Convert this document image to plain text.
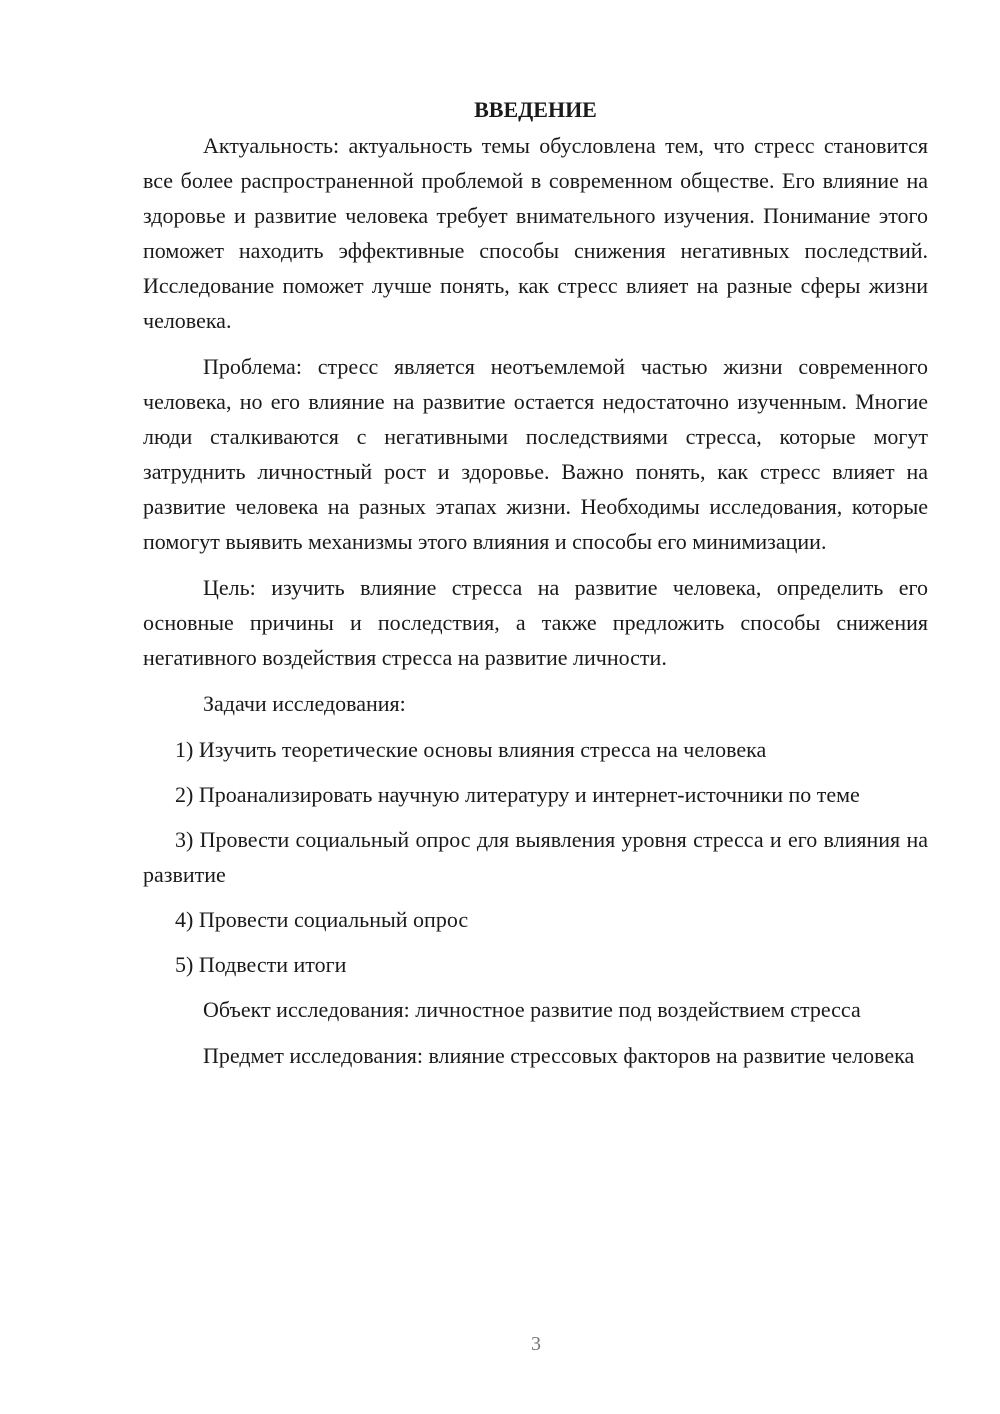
ВВЕДЕНИЕ

Актуальность: актуальность темы обусловлена тем, что стресс становится все более распространенной проблемой в современном обществе. Его влияние на здоровье и развитие человека требует внимательного изучения. Понимание этого поможет находить эффективные способы снижения негативных последствий. Исследование поможет лучше понять, как стресс влияет на разные сферы жизни человека.

Проблема: стресс является неотъемлемой частью жизни современного человека, но его влияние на развитие остается недостаточно изученным. Многие люди сталкиваются с негативными последствиями стресса, которые могут затруднить личностный рост и здоровье. Важно понять, как стресс влияет на развитие человека на разных этапах жизни. Необходимы исследования, которые помогут выявить механизмы этого влияния и способы его минимизации.

Цель: изучить влияние стресса на развитие человека, определить его основные причины и последствия, а также предложить способы снижения негативного воздействия стресса на развитие личности.

Задачи исследования:

1) Изучить теоретические основы влияния стресса на человека

2) Проанализировать научную литературу и интернет-источники по теме

3) Провести социальный опрос для выявления уровня стресса и его влияния на развитие

4) Провести социальный опрос

5) Подвести итоги

Объект исследования: личностное развитие под воздействием стресса

Предмет исследования: влияние стрессовых факторов на развитие человека

3
